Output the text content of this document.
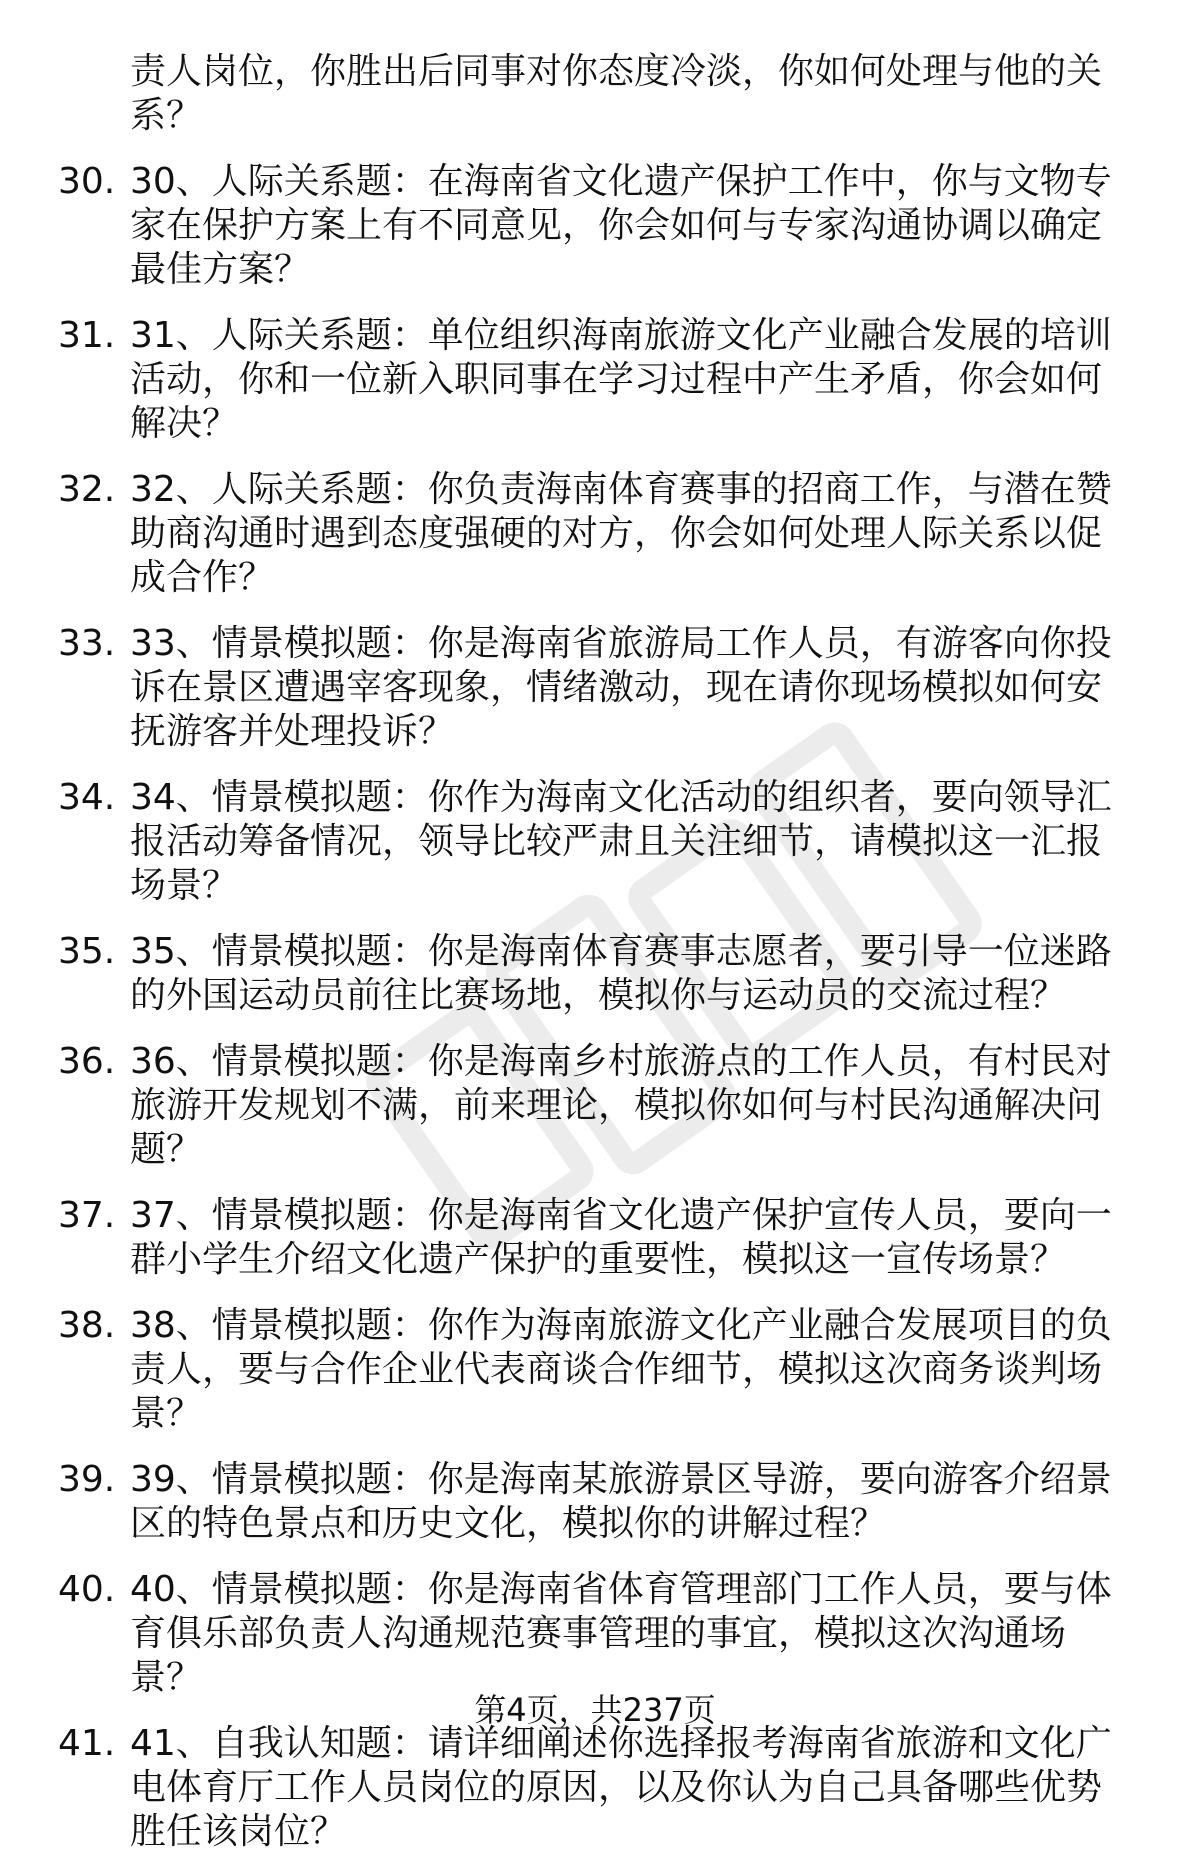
责人岗位，你胜出后同事对你态度冷淡，你如何处理与他的关系？
30. 30、人际关系题：在海南省文化遗产保护工作中，你与文物专家在保护方案上有不同意见，你会如何与专家沟通协调以确定最佳方案？
31. 31、人际关系题：单位组织海南旅游文化产业融合发展的培训活动，你和一位新入职同事在学习过程中产生矛盾，你会如何解决？
32. 32、人际关系题：你负责海南体育赛事的招商工作，与潜在赞助商沟通时遇到态度强硬的对方，你会如何处理人际关系以促成合作？
33. 33、情景模拟题：你是海南省旅游局工作人员，有游客向你投诉在景区遭遇宰客现象，情绪激动，现在请你现场模拟如何安抚游客并处理投诉？
34. 34、情景模拟题：你作为海南文化活动的组织者，要向领导汇报活动筹备情况，领导比较严肃且关注细节，请模拟这一汇报场景？
35. 35、情景模拟题：你是海南体育赛事志愿者，要引导一位迷路的外国运动员前往比赛场地，模拟你与运动员的交流过程？
36. 36、情景模拟题：你是海南乡村旅游点的工作人员，有村民对旅游开发规划不满，前来理论，模拟你如何与村民沟通解决问题？
37. 37、情景模拟题：你是海南省文化遗产保护宣传人员，要向一群小学生介绍文化遗产保护的重要性，模拟这一宣传场景？
38. 38、情景模拟题：你作为海南旅游文化产业融合发展项目的负责人，要与合作企业代表商谈合作细节，模拟这次商务谈判场景？
39. 39、情景模拟题：你是海南某旅游景区导游，要向游客介绍景区的特色景点和历史文化，模拟你的讲解过程？
40. 40、情景模拟题：你是海南省体育管理部门工作人员，要与体育俱乐部负责人沟通规范赛事管理的事宜，模拟这次沟通场景？
41. 41、自我认知题：请详细阐述你选择报考海南省旅游和文化广电体育厅工作人员岗位的原因，以及你认为自己具备哪些优势胜任该岗位？
第4页，共237页
